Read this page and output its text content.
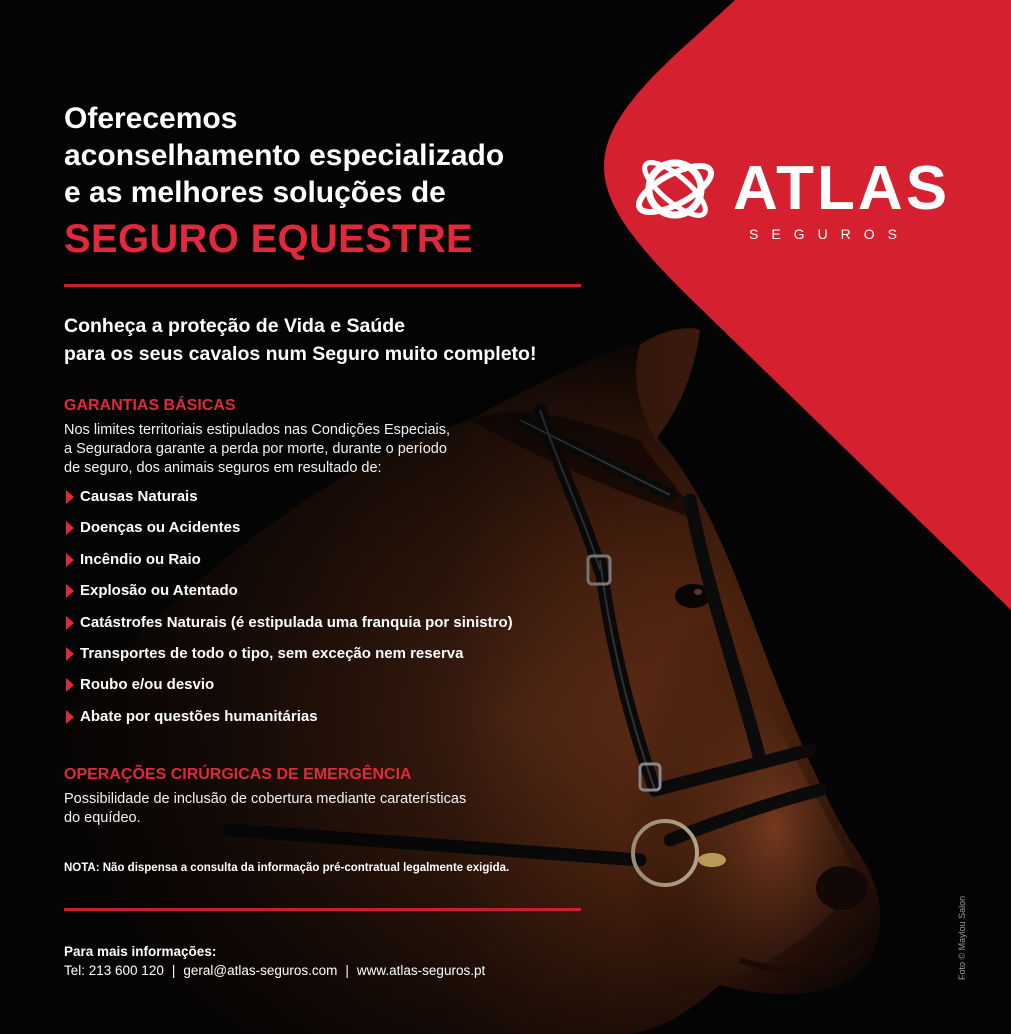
ATLAS
SEGUROS
Oferecemos
aconselhamento especializado
e as melhores soluções de
SEGURO EQUESTRE
Conheça a proteção de Vida e Saúde
para os seus cavalos num Seguro muito completo!
GARANTIAS BÁSICAS
Nos limites territoriais estipulados nas Condições Especiais,
a Seguradora garante a perda por morte, durante o período
de seguro, dos animais seguros em resultado de:
Causas Naturais
Doenças ou Acidentes
Incêndio ou Raio
Explosão ou Atentado
Catástrofes Naturais (é estipulada uma franquia por sinistro)
Transportes de todo o tipo, sem exceção nem reserva
Roubo e/ou desvio
Abate por questões humanitárias
OPERAÇÕES CIRÚRGICAS DE EMERGÊNCIA
Possibilidade de inclusão de cobertura mediante caraterísticas
do equídeo.
NOTA: Não dispensa a consulta da informação pré-contratual legalmente exigida.
Para mais informações:
Tel: 213 600 120 | geral@atlas-seguros.com | www.atlas-seguros.pt	Foto © Maylou Salon
